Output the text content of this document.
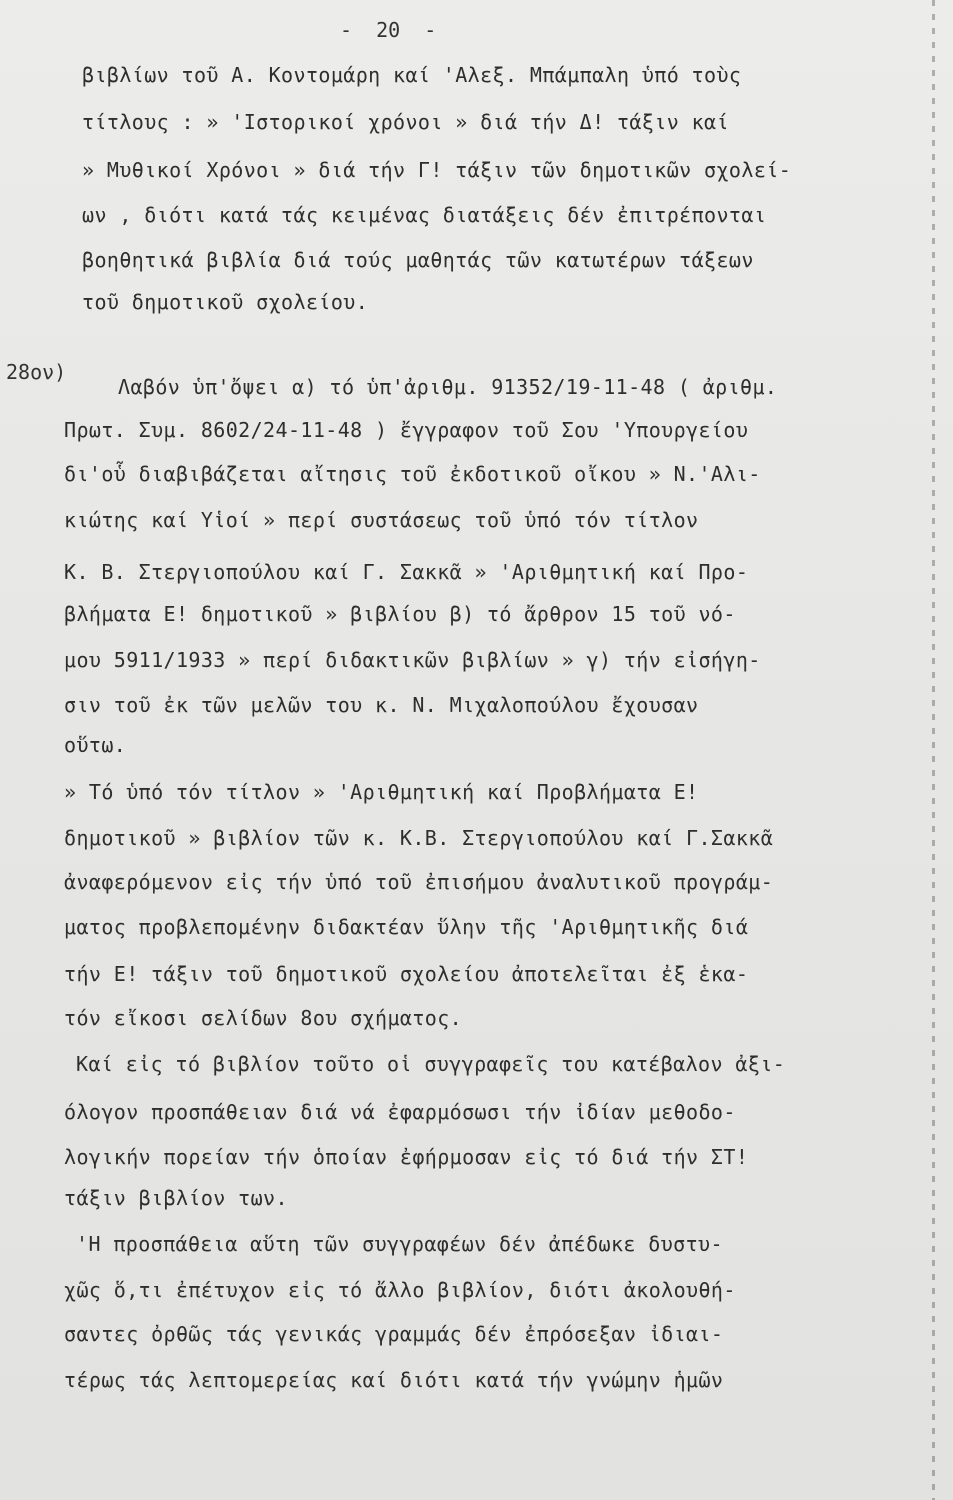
-  20  -
28ον)
βιβλίων τοῦ Α. Κοντομάρη καί 'Αλεξ. Μπάμπαλη ὑπό τοὺς
τίτλους : » 'Ιστορικοί χρόνοι » διά τήν Δ! τάξιν καί
» Μυθικοί Χρόνοι » διά τήν Γ! τάξιν τῶν δημοτικῶν σχολεί-
ων , διότι κατά τάς κειμένας διατάξεις δέν ἐπιτρέπονται
βοηθητικά βιβλία διά τούς μαθητάς τῶν κατωτέρων τάξεων
τοῦ δημοτικοῦ σχολείου.
Λαβόν ὑπ'ὄψει α) τό ὑπ'ἀριθμ. 91352/19-11-48 ( ἀριθμ.
Πρωτ. Συμ. 8602/24-11-48 ) ἔγγραφον τοῦ Σου 'Υπουργείου
δι'οὗ διαβιβάζεται αἴτησις τοῦ ἐκδοτικοῦ οἴκου » Ν.'Αλι-
κιώτης καί Υἱοί » περί συστάσεως τοῦ ὑπό τόν τίτλον
Κ. Β. Στεργιοπούλου καί Γ. Σακκᾶ » 'Αριθμητική καί Προ-
βλήματα Ε! δημοτικοῦ » βιβλίου β) τό ἄρθρον 15 τοῦ νό-
μου 5911/1933 » περί διδακτικῶν βιβλίων » γ) τήν εἰσήγη-
σιν τοῦ ἐκ τῶν μελῶν του κ. Ν. Μιχαλοπούλου ἔχουσαν
οὕτω.
» Τό ὑπό τόν τίτλον » 'Αριθμητική καί Προβλήματα Ε!
δημοτικοῦ » βιβλίον τῶν κ. Κ.Β. Στεργιοπούλου καί Γ.Σακκᾶ
ἀναφερόμενον εἰς τήν ὑπό τοῦ ἐπισήμου ἀναλυτικοῦ προγράμ-
ματος προβλεπομένην διδακτέαν ὕλην τῆς 'Αριθμητικῆς διά
τήν Ε! τάξιν τοῦ δημοτικοῦ σχολείου ἀποτελεῖται ἐξ ἑκα-
τόν εἴκοσι σελίδων 8ου σχήματος.
Καί εἰς τό βιβλίον τοῦτο οἱ συγγραφεῖς του κατέβαλον ἀξι-
όλογον προσπάθειαν διά νά ἐφαρμόσωσι τήν ἰδίαν μεθοδο-
λογικήν πορείαν τήν ὁποίαν ἐφήρμοσαν εἰς τό διά τήν ΣΤ!
τάξιν βιβλίον των.
'Η προσπάθεια αὕτη τῶν συγγραφέων δέν ἀπέδωκε δυστυ-
χῶς ὅ,τι ἐπέτυχον εἰς τό ἄλλο βιβλίον, διότι ἀκολουθή-
σαντες ὀρθῶς τάς γενικάς γραμμάς δέν ἐπρόσεξαν ἰδιαι-
τέρως τάς λεπτομερείας καί διότι κατά τήν γνώμην ἡμῶν
